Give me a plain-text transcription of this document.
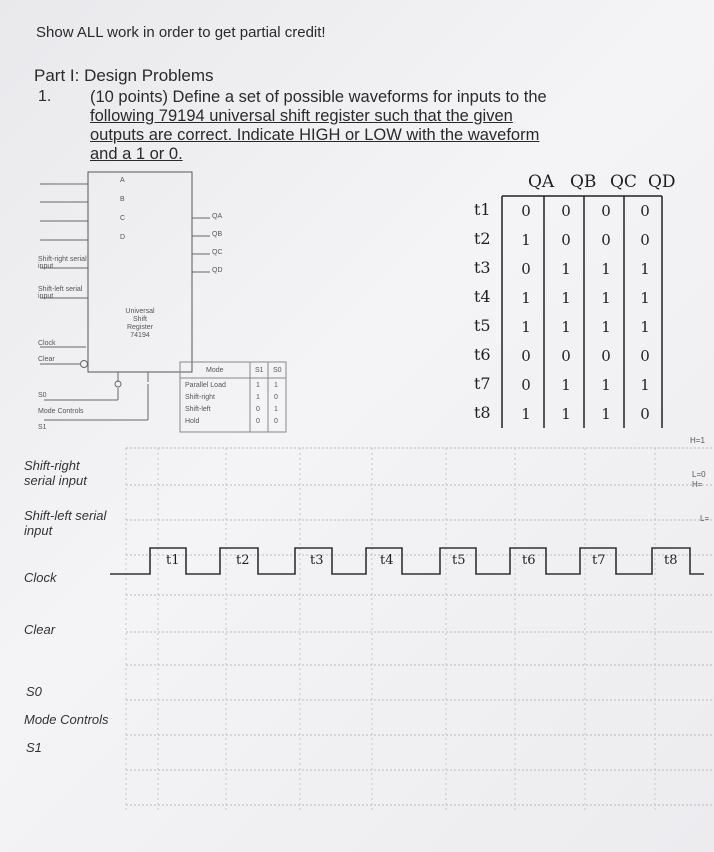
Show ALL work in order to get partial credit!
Part I: Design Problems
1. (10 points) Define a set of possible waveforms for inputs to the
following 79194 universal shift register such that the given
outputs are correct. Indicate HIGH or LOW with the waveform
and a 1 or 0.
A
B
C
D
QA
QB
QC
QD
Universal
Shift
Register
74194
Shift-right serial input
Shift-left serial input
Clock
Clear
S0
Mode Controls
S1
Mode	S1 S0
Parallel Load	1 1
Shift-right	1 0
Shift-left	0 1
Hold	0 0
QA QB QC QD
t1	0	0	0	0
t2	1	0	0	0
t3	0	1	1	1
t4	1	1	1	1
t5	1	1	1	1
t6	0	0	0	0
t7	0	1	1	1
t8	1	1	1	0
Shift-right serial input
Shift-left serial input
Clock
Clear
S0
Mode Controls
S1
t1	t2	t3	t4	t5	t6	t7	t8
H=1
L=0
H=
L=
